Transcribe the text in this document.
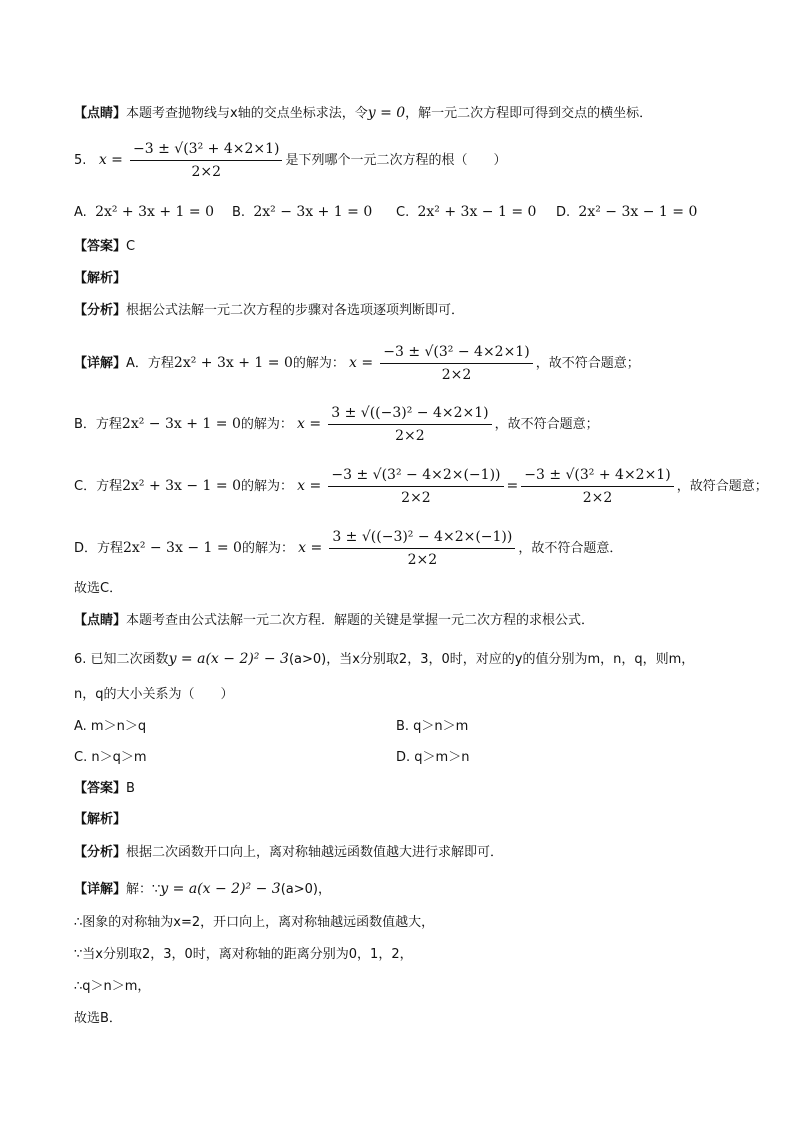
【点睛】本题考查抛物线与x轴的交点坐标求法，令y = 0，解一元二次方程即可得到交点的横坐标．
5. $x = \frac{\text{−3 ± √(3² + 4×2×1)}}{2\times 2}$ 是下列哪个一元二次方程的根（　　）
A. 2x² + 3x + 1 = 0 B. 2x² − 3x + 1 = 0 C. 2x² + 3x − 1 = 0 D. 2x² − 3x − 1 = 0
【答案】C
【解析】
【分析】根据公式法解一元二次方程的步骤对各选项逐项判断即可．
【详解】A．方程2x² + 3x + 1 = 0的解为： $x = \frac{\text{−3 ± √(3² − 4×2×1)}}{2\times 2}$ ，故不符合题意；
B．方程2x² − 3x + 1 = 0的解为： $x = \frac{\text{3 ± √((−3)² − 4×2×1)}}{2\times 2}$ ，故不符合题意；
C．方程2x² + 3x − 1 = 0的解为： $x = \frac{\text{−3 ± √(3² − 4×2×(−1))}}{2\times 2} = \frac{\text{−3 ± √(3² + 4×2×1)}}{2\times 2}$ ，故符合题意；
D．方程2x² − 3x − 1 = 0的解为： $x = \frac{\text{3 ± √((−3)² − 4×2×(−1))}}{2\times 2}$ ，故不符合题意．
故选C．
【点睛】本题考查由公式法解一元二次方程．解题的关键是掌握一元二次方程的求根公式．
6. 已知二次函数y = a(x − 2)² − 3(a>0)，当x分别取2，3，0时，对应的y的值分别为m，n，q，则m，
n，q的大小关系为（　　）
A. m＞n＞q	B. q＞n＞m
C. n＞q＞m	D. q＞m＞n
【答案】B
【解析】
【分析】根据二次函数开口向上，离对称轴越远函数值越大进行求解即可．
【详解】解：∵y = a(x − 2)² − 3(a>0)，
∴图象的对称轴为x=2，开口向上，离对称轴越远函数值越大，
∵当x分别取2，3，0时，离对称轴的距离分别为0，1，2，
∴q＞n＞m，
故选B．
